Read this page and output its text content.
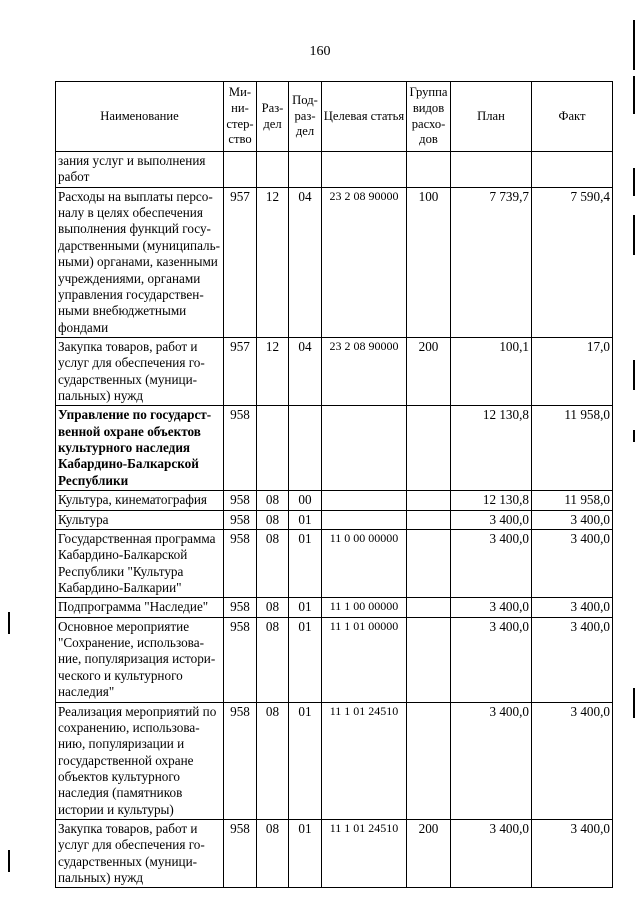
160
Наименование	Ми-ни-стер-ство	Раз-дел	Под-раз-дел	Целевая статья	Группа видов расхо-дов	План	Факт
зания услуг и выполнения работ							
Расходы на выплаты персо-налу в целях обеспечения выполнения функций госу-дарственными (муниципаль-ными) органами, казенными учреждениями, органами управления государствен-ными внебюджетными фондами	957	12	04	23 2 08 90000	100	7 739,7	7 590,4
Закупка товаров, работ и услуг для обеспечения го-сударственных (муници-пальных) нужд	957	12	04	23 2 08 90000	200	100,1	17,0
Управление по государст-венной охране объектов культурного наследия Кабардино-Балкарской Республики	958					12 130,8	11 958,0
Культура, кинематография	958	08	00			12 130,8	11 958,0
Культура	958	08	01			3 400,0	3 400,0
Государственная программа Кабардино-Балкарской Республики "Культура Кабардино-Балкарии"	958	08	01	11 0 00 00000		3 400,0	3 400,0
Подпрограмма "Наследие"	958	08	01	11 1 00 00000		3 400,0	3 400,0
Основное мероприятие "Сохранение, использова-ние, популяризация истори-ческого и культурного наследия"	958	08	01	11 1 01 00000		3 400,0	3 400,0
Реализация мероприятий по сохранению, использова-нию, популяризации и государственной охране объектов культурного наследия (памятников истории и культуры)	958	08	01	11 1 01 24510		3 400,0	3 400,0
Закупка товаров, работ и услуг для обеспечения го-сударственных (муници-пальных) нужд	958	08	01	11 1 01 24510	200	3 400,0	3 400,0
